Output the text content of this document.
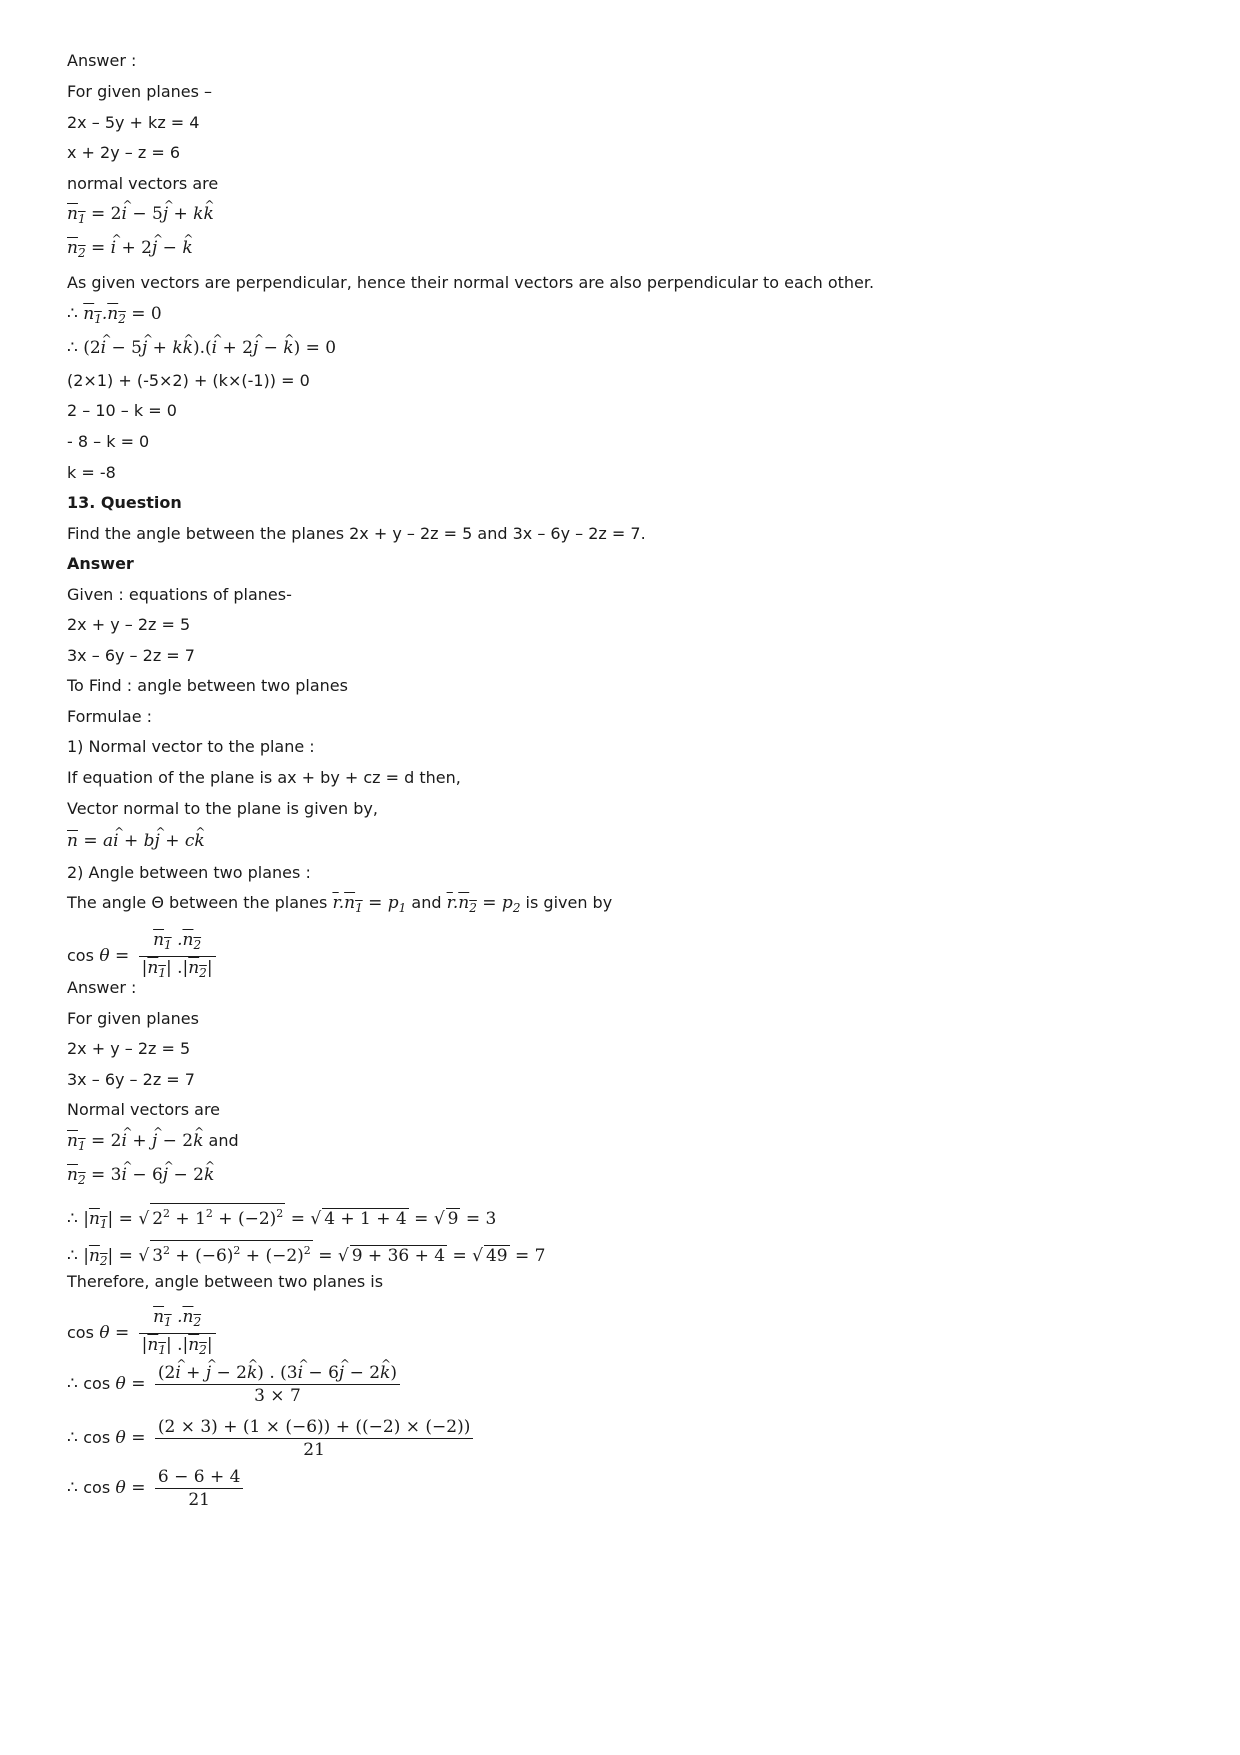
Answer :
For given planes –
2x – 5y + kz = 4
x + 2y – z = 6
normal vectors are
$n_1 = 2i$ ^ − 5j ^ + kk ^
$n_2 = i$ ^ + 2j ^ − k ^
As given vectors are perpendicular, hence their normal vectors are also perpendicular to each other.
∴ $n_1.n_2 = 0$
∴ (2i ^ − 5j ^ + kk ^).(i ^ + 2j ^ − k ^) = 0
(2×1) + (-5×2) + (k×(-1)) = 0
2 – 10 – k = 0
- 8 – k = 0
k = -8
13. Question
Find the angle between the planes 2x + y – 2z = 5 and 3x – 6y – 2z = 7.
Answer
Given : equations of planes-
2x + y – 2z = 5
3x – 6y – 2z = 7
To Find : angle between two planes
Formulae :
1) Normal vector to the plane :
If equation of the plane is ax + by + cz = d then,
Vector normal to the plane is given by,
$\overline{n}$ = ai ^ + bj ^ + ck ^
2) Angle between two planes :
The angle Θ between the planes $\overline{r}.n_1 = p_1$ and $\overline{r}.n_2 = p_2$ is given by
$\cos \theta = \frac{n_1 .n_2}{|n_1| .|n_2|}$
Answer :
For given planes
2x + y – 2z = 5
3x – 6y – 2z = 7
Normal vectors are
$n_1 = 2i$ ^ + j ^ − 2k ^ and
$n_2 = 3i$ ^ − 6j ^ − 2k ^
∴ $|n_1|$ = √ $2^2 + 1^2 + (-2)^2$ = √ 4 + 1 + 4 = √ 9 = 3
∴ $|n_2|$ = √ $3^2 + (-6)^2 + (-2)^2$ = √ 9 + 36 + 4 = √ 49 = 7
Therefore, angle between two planes is
$\cos \theta = \frac{n_1 .n_2}{|n_1| .|n_2|}$
∴ $\cos \theta = \frac{(2i \^{} + j \^{} - 2k \^{}) . (3i \^{} - 6j \^{} - 2k \^{})}{3 \times 7}$
∴ $\cos \theta = \frac{(2 \times 3) + (1 \times (-6)) + ((-2) \times (-2))}{21}$
∴ $\cos \theta = \frac{6 - 6 + 4}{21}$
